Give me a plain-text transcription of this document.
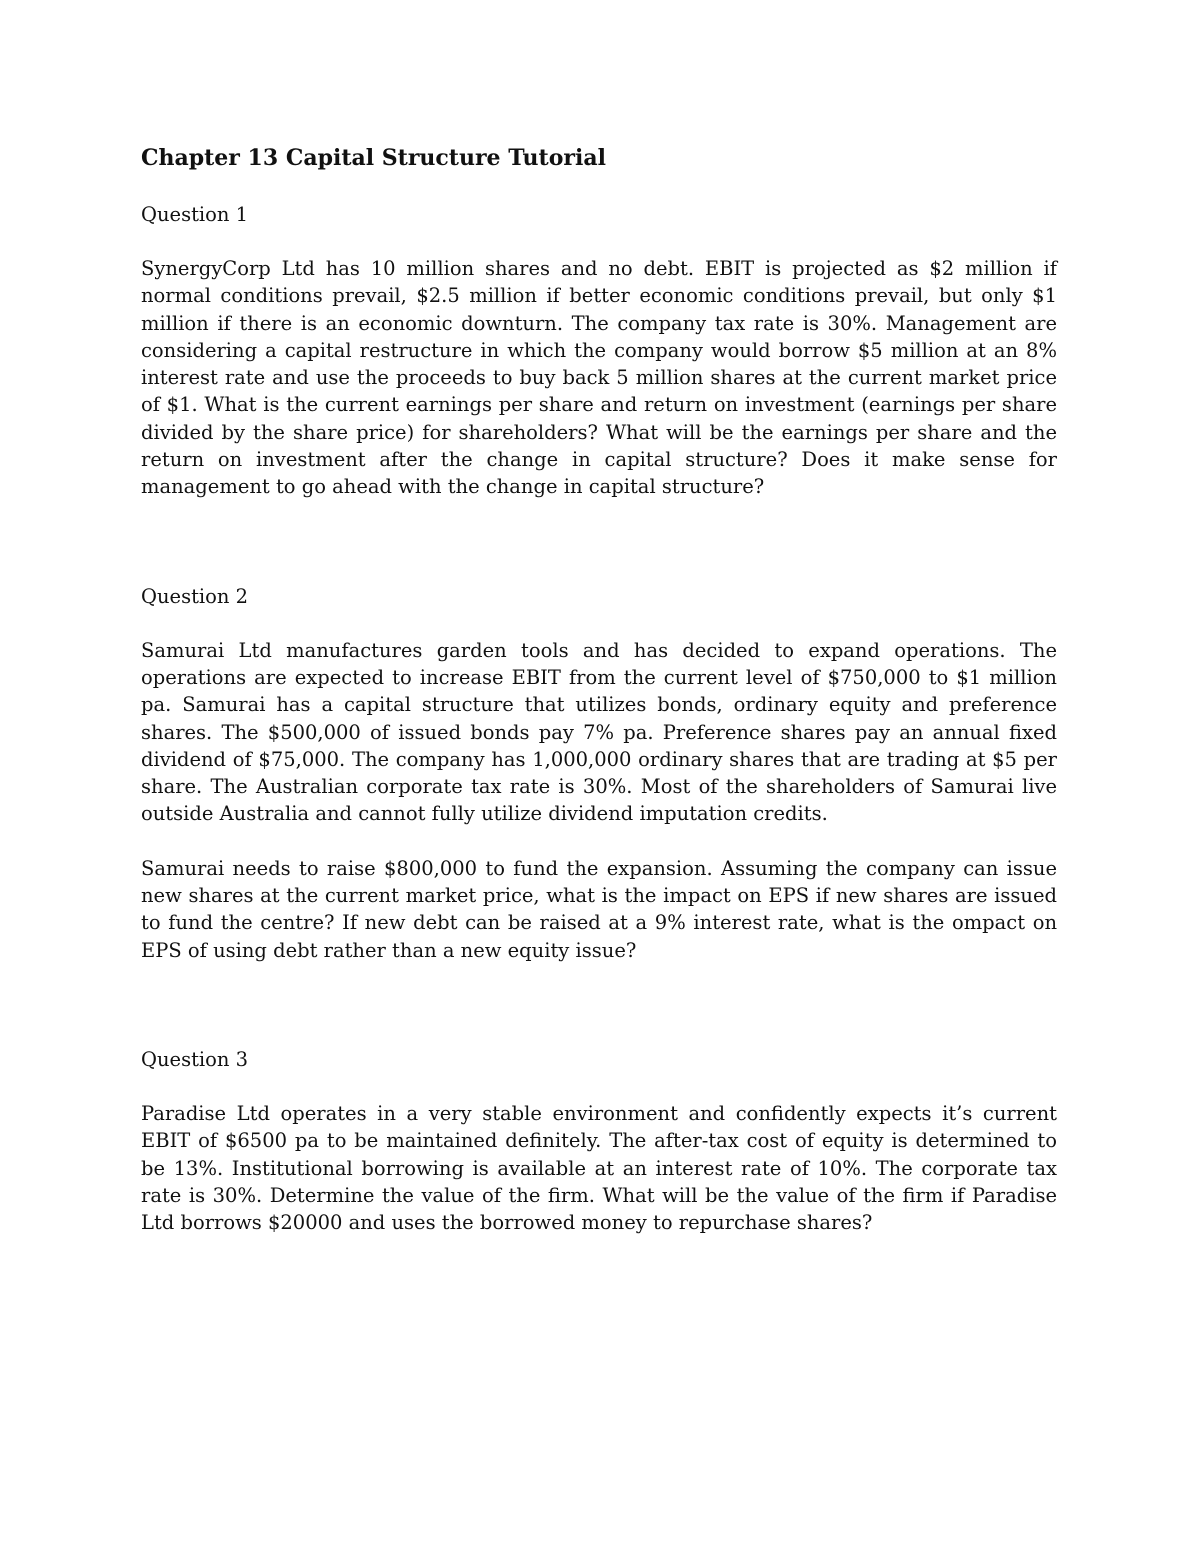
Chapter 13 Capital Structure Tutorial

Question 1

SynergyCorp Ltd has 10 million shares and no debt. EBIT is projected as $2 million if normal conditions prevail, $2.5 million if better economic conditions prevail, but only $1 million if there is an economic downturn. The company tax rate is 30%. Management are considering a capital restructure in which the company would borrow $5 million at an 8% interest rate and use the proceeds to buy back 5 million shares at the current market price of $1. What is the current earnings per share and return on investment (earnings per share divided by the share price) for shareholders? What will be the earnings per share and the return on investment after the change in capital structure? Does it make sense for management to go ahead with the change in capital structure?

Question 2

Samurai Ltd manufactures garden tools and has decided to expand operations. The operations are expected to increase EBIT from the current level of $750,000 to $1 million pa. Samurai has a capital structure that utilizes bonds, ordinary equity and preference shares. The $500,000 of issued bonds pay 7% pa. Preference shares pay an annual fixed dividend of $75,000. The company has 1,000,000 ordinary shares that are trading at $5 per share. The Australian corporate tax rate is 30%. Most of the shareholders of Samurai live outside Australia and cannot fully utilize dividend imputation credits.

Samurai needs to raise $800,000 to fund the expansion. Assuming the company can issue new shares at the current market price, what is the impact on EPS if new shares are issued to fund the centre? If new debt can be raised at a 9% interest rate, what is the ompact on EPS of using debt rather than a new equity issue?

Question 3

Paradise Ltd operates in a very stable environment and confidently expects it’s current EBIT of $6500 pa to be maintained definitely. The after-tax cost of equity is determined to be 13%. Institutional borrowing is available at an interest rate of 10%. The corporate tax rate is 30%. Determine the value of the firm. What will be the value of the firm if Paradise Ltd borrows $20000 and uses the borrowed money to repurchase shares?
